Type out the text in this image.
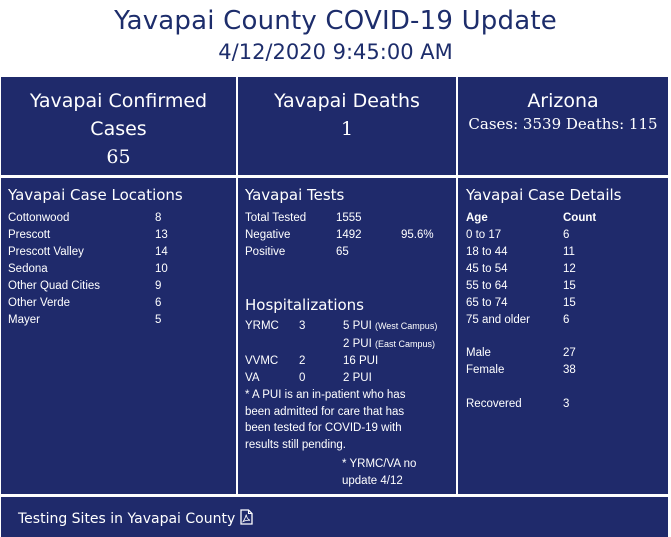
Yavapai County COVID-19 Update
4/12/2020 9:45:00 AM
Yavapai Confirmed
Cases
65
Yavapai Deaths
1
Arizona
Cases: 3539 Deaths: 115
Yavapai Case Locations
Cottonwood	8
Prescott	13
Prescott Valley	14
Sedona	10
Other Quad Cities	9
Other Verde	6
Mayer	5
Yavapai Tests
Total Tested	1555
Negative	1492	95.6%
Positive	65
Hospitalizations
YRMC 3	5 PUI (West Campus)
2 PUI (East Campus)
VVMC 2	16 PUI
VA	0	2 PUI
* A PUI is an in-patient who has been admitted for care that has been tested for COVID-19 with results still pending.
* YRMC/VA no update 4/12
Yavapai Case Details
Age	Count
0 to 17	6
18 to 44	11
45 to 54	12
55 to 64	15
65 to 74	15
75 and older	6
Male	27
Female	38
Recovered	3
Testing Sites in Yavapai County
